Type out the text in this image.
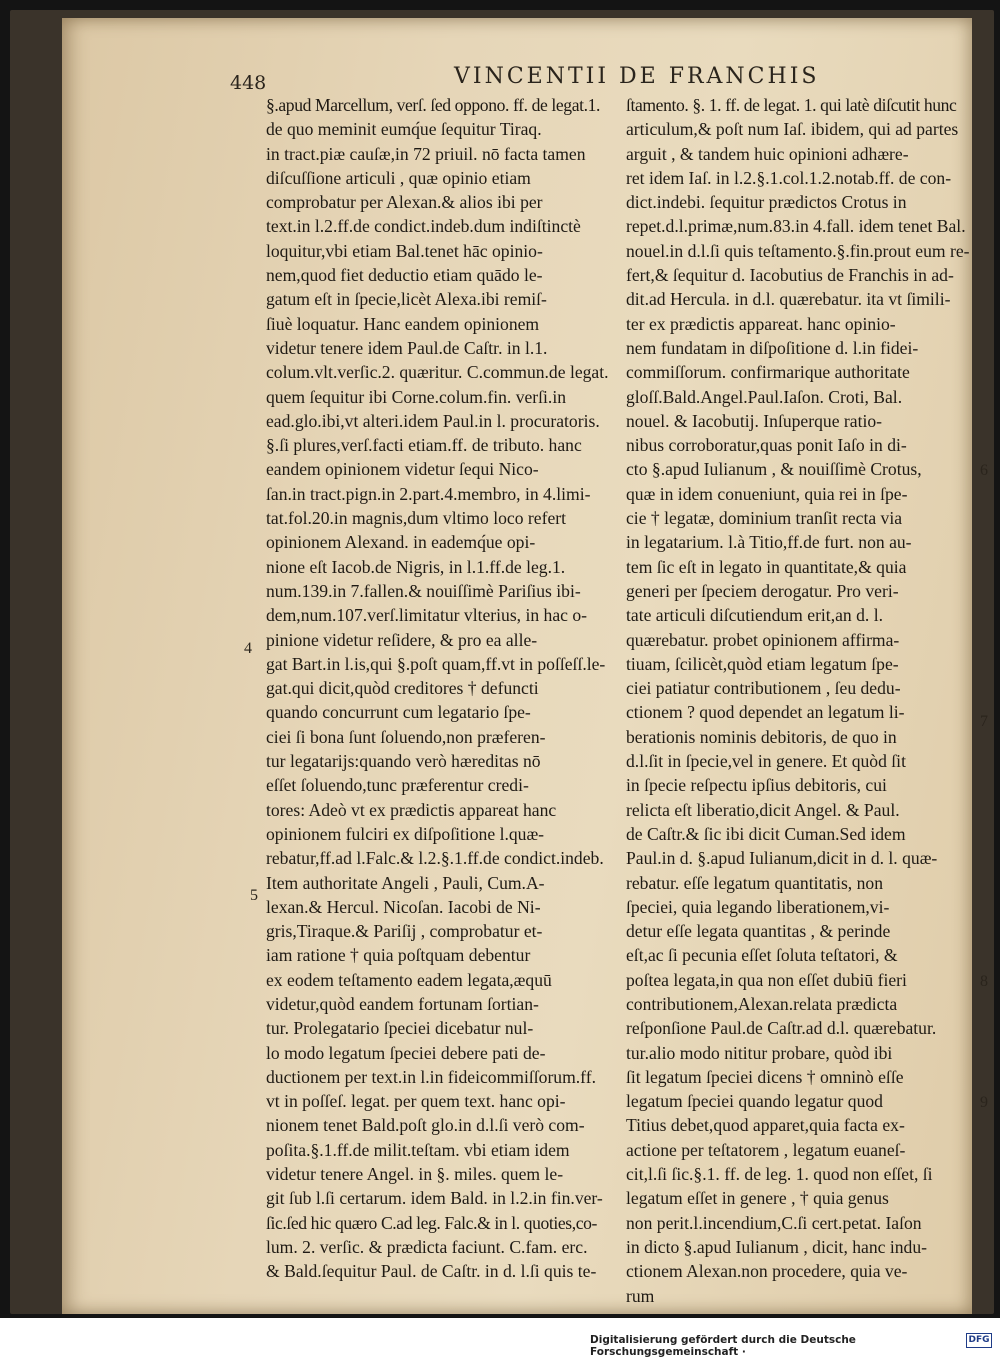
448	VINCENTII DE FRANCHIS

§.apud Marcellum, verſ. ſed oppono. ff. de legat.1.

de quo meminit eumq́ue ſequitur Tiraq.

in tract.piæ cauſæ,in 72 priuil. nō facta tamen

diſcuſſione articuli , quæ opinio etiam

comprobatur per Alexan.& alios ibi per

text.in l.2.ff.de condict.indeb.dum indiſtinctè

loquitur,vbi etiam Bal.tenet hāc opinio-

nem,quod fiet deductio etiam quādo le-

gatum eſt in ſpecie,licèt Alexa.ibi remiſ-

ſiuè loquatur. Hanc eandem opinionem

videtur tenere idem Paul.de Caſtr. in l.1.

colum.vlt.verſic.2. quæritur. C.commun.de legat.

quem ſequitur ibi Corne.colum.fin. verſi.in

ead.glo.ibi,vt alteri.idem Paul.in l. procuratoris.

§.ſi plures,verſ.facti etiam.ff. de tributo. hanc

eandem opinionem videtur ſequi Nico-

ſan.in tract.pign.in 2.part.4.membro, in 4.limi-

tat.fol.20.in magnis,dum vltimo loco refert

opinionem Alexand. in eademq́ue opi-

nione eſt Iacob.de Nigris, in l.1.ff.de leg.1.

num.139.in 7.fallen.& nouiſſimè Pariſius ibi-

dem,num.107.verſ.limitatur vlterius, in hac o-

pinione videtur reſidere, & pro ea alle-

gat Bart.in l.is,qui §.poſt quam,ff.vt in poſſeſſ.le-

gat.qui dicit,quòd creditores † defuncti

quando concurrunt cum legatario ſpe-

ciei ſi bona ſunt ſoluendo,non præferen-

tur legatarijs:quando verò hæreditas nō

eſſet ſoluendo,tunc præferentur credi-

tores: Adeò vt ex prædictis appareat hanc

opinionem fulciri ex diſpoſitione l.quæ-

rebatur,ff.ad l.Falc.& l.2.§.1.ff.de condict.indeb.

Item authoritate Angeli , Pauli, Cum.A-

lexan.& Hercul. Nicoſan. Iacobi de Ni-

gris,Tiraque.& Pariſij , comprobatur et-

iam ratione † quia poſtquam debentur

ex eodem teſtamento eadem legata,æquū

videtur,quòd eandem fortunam ſortian-

tur. Prolegatario ſpeciei dicebatur nul-

lo modo legatum ſpeciei debere pati de-

ductionem per text.in l.in fideicommiſſorum.ff.

vt in poſſeſ. legat. per quem text. hanc opi-

nionem tenet Bald.poſt glo.in d.l.ſi verò com-

poſita.§.1.ff.de milit.teſtam. vbi etiam idem

videtur tenere Angel. in §. miles. quem le-

git ſub l.ſi certarum. idem Bald. in l.2.in fin.ver-

ſic.ſed hic quæro C.ad leg. Falc.& in l. quoties,co-

lum. 2. verſic. & prædicta faciunt. C.fam. erc.

& Bald.ſequitur Paul. de Caſtr. in d. l.ſi quis te-

ſtamento. §. 1. ff. de legat. 1. qui latè diſcutit hunc

articulum,& poſt num Iaſ. ibidem, qui ad partes

arguit , & tandem huic opinioni adhære-

ret idem Iaſ. in l.2.§.1.col.1.2.notab.ff. de con-

dict.indebi. ſequitur prædictos Crotus in

repet.d.l.primæ,num.83.in 4.fall. idem tenet Bal.

nouel.in d.l.ſi quis teſtamento.§.fin.prout eum re-

fert,& ſequitur d. Iacobutius de Franchis in ad-

dit.ad Hercula. in d.l. quærebatur. ita vt ſimili-

ter ex prædictis appareat. hanc opinio-

nem fundatam in diſpoſitione d. l.in fidei-

commiſſorum. confirmarique authoritate

gloſſ.Bald.Angel.Paul.Iaſon. Croti, Bal.

nouel. & Iacobutij. Inſuperque ratio-

nibus corroboratur,quas ponit Iaſo in di-

cto §.apud Iulianum , & nouiſſimè Crotus,

quæ in idem conueniunt, quia rei in ſpe-

cie † legatæ, dominium tranſit recta via

in legatarium. l.à Titio,ff.de furt. non au-

tem ſic eſt in legato in quantitate,& quia

generi per ſpeciem derogatur. Pro veri-

tate articuli diſcutiendum erit,an d. l.

quærebatur. probet opinionem affirma-

tiuam, ſcilicèt,quòd etiam legatum ſpe-

ciei patiatur contributionem , ſeu dedu-

ctionem ? quod dependet an legatum li-

berationis nominis debitoris, de quo in

d.l.ſit in ſpecie,vel in genere. Et quòd ſit

in ſpecie reſpectu ipſius debitoris, cui

relicta eſt liberatio,dicit Angel. & Paul.

de Caſtr.& ſic ibi dicit Cuman.Sed idem

Paul.in d. §.apud Iulianum,dicit in d. l. quæ-

rebatur. eſſe legatum quantitatis, non

ſpeciei, quia legando liberationem,vi-

detur eſſe legata quantitas , & perinde

eſt,ac ſi pecunia eſſet ſoluta teſtatori, &

poſtea legata,in qua non eſſet dubiū fieri

contributionem,Alexan.relata prædicta

reſponſione Paul.de Caſtr.ad d.l. quærebatur.

tur.alio modo nititur probare, quòd ibi

ſit legatum ſpeciei dicens † omninò eſſe

legatum ſpeciei quando legatur quod

Titius debet,quod apparet,quia facta ex-

actione per teſtatorem , legatum euaneſ-

cit,l.ſi ſic.§.1. ff. de leg. 1. quod non eſſet, ſi

legatum eſſet in genere , † quia genus

non perit.l.incendium,C.ſi cert.petat. Iaſon

in dicto §.apud Iulianum , dicit, hanc indu-

ctionem Alexan.non procedere, quia ve-

rum

4
5
6
7
8
9
Digitalisierung gefördert durch die Deutsche Forschungsgemeinschaft ·
DFG
